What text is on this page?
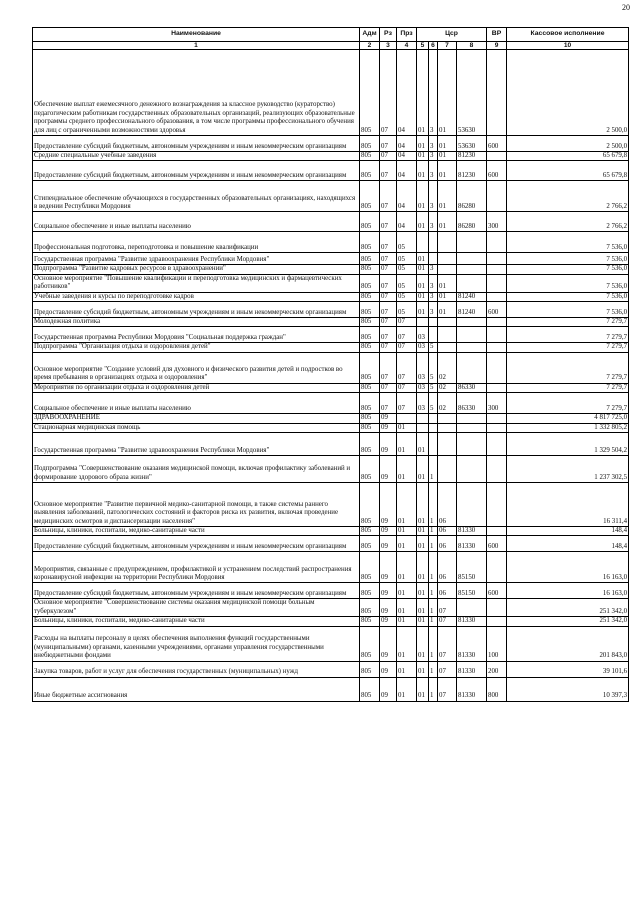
20
Наименование	Адм	Рз	Прз	Цср				ВР	Кассовое исполнение
1	2	3	4	5	6	7	8	9	10
Обеспечение выплат ежемесячного денежного вознаграждения за классное руководство (кураторство) педагогическим работникам государственных образовательных организаций, реализующих образовательные программы среднего профессионального образования, в том числе программы профессионального обучения для лиц с ограниченными возможностями здоровья	805	07	04	01	3	01	53630		2 500,0
Предоставление субсидий бюджетным, автономным учреждениям и иным некоммерческим организациям	805	07	04	01	3	01	53630	600	2 500,0
Средние специальные учебные заведения	805	07	04	01	3	01	81230		65 679,8
Предоставление субсидий бюджетным, автономным учреждениям и иным некоммерческим организациям	805	07	04	01	3	01	81230	600	65 679,8
Стипендиальное обеспечение обучающихся в государственных образовательных организациях, находящихся в ведении Республики Мордовия	805	07	04	01	3	01	86280		2 766,2
Социальное обеспечение и иные выплаты населению	805	07	04	01	3	01	86280	300	2 766,2
Профессиональная подготовка, переподготовка и повышение квалификации	805	07	05						7 536,0
Государственная программа "Развитие здравоохранения Республики Мордовия"	805	07	05	01					7 536,0
Подпрограмма "Развитие кадровых ресурсов в здравоохранении"	805	07	05	01	3				7 536,0
Основное мероприятие "Повышение квалификации и переподготовка медицинских и фармацевтических работников"	805	07	05	01	3	01			7 536,0
Учебные заведения и курсы по переподготовке кадров	805	07	05	01	3	01	81240		7 536,0
Предоставление субсидий бюджетным, автономным учреждениям и иным некоммерческим организациям	805	07	05	01	3	01	81240	600	7 536,0
Молодежная политика	805	07	07						7 279,7
Государственная программа Республики Мордовия "Социальная поддержка граждан"	805	07	07	03					7 279,7
Подпрограмма "Организация отдыха и оздоровления детей"	805	07	07	03	5				7 279,7
Основное мероприятие "Создание условий для духовного и физического развития детей и подростков во время пребывания в организациях отдыха и оздоровления"	805	07	07	03	5	02			7 279,7
Мероприятия по организации отдыха и оздоровления детей	805	07	07	03	5	02	86330		7 279,7
Социальное обеспечение и иные выплаты населению	805	07	07	03	5	02	86330	300	7 279,7
ЗДРАВООХРАНЕНИЕ	805	09							4 817 725,0
Стационарная медицинская помощь	805	09	01						1 332 805,2
Государственная программа "Развитие здравоохранения Республики Мордовия"	805	09	01	01					1 329 504,2
Подпрограмма "Совершенствование оказания медицинской помощи, включая профилактику заболеваний и формирование здорового образа жизни"	805	09	01	01	1				1 237 302,5
Основное мероприятие "Развитие первичной медико-санитарной помощи, в также системы раннего выявления заболеваний, патологических состояний и факторов риска их развития, включая проведение медицинских осмотров и диспансеризации населения"	805	09	01	01	1	06			16 311,4
Больницы, клиники, госпитали, медико-санитарные части	805	09	01	01	1	06	81330		148,4
Предоставление субсидий бюджетным, автономным учреждениям и иным некоммерческим организациям	805	09	01	01	1	06	81330	600	148,4
Мероприятия, связанные с предупреждением, профилактикой и устранением последствий распространения коронавирусной инфекции на территории Республики Мордовия	805	09	01	01	1	06	85150		16 163,0
Предоставление субсидий бюджетным, автономным учреждениям и иным некоммерческим организациям	805	09	01	01	1	06	85150	600	16 163,0
Основное мероприятие "Совершенствование системы оказания медицинской помощи больным туберкулезом"	805	09	01	01	1	07			251 342,0
Больницы, клиники, госпитали, медико-санитарные части	805	09	01	01	1	07	81330		251 342,0
Расходы на выплаты персоналу в целях обеспечения выполнения функций государственными (муниципальными) органами, казенными учреждениями, органами управления государственными внебюджетными фондами	805	09	01	01	1	07	81330	100	201 843,0
Закупка товаров, работ и услуг для обеспечения государственных (муниципальных) нужд	805	09	01	01	1	07	81330	200	39 101,6
Иные бюджетные ассигнования	805	09	01	01	1	07	81330	800	10 397,3
